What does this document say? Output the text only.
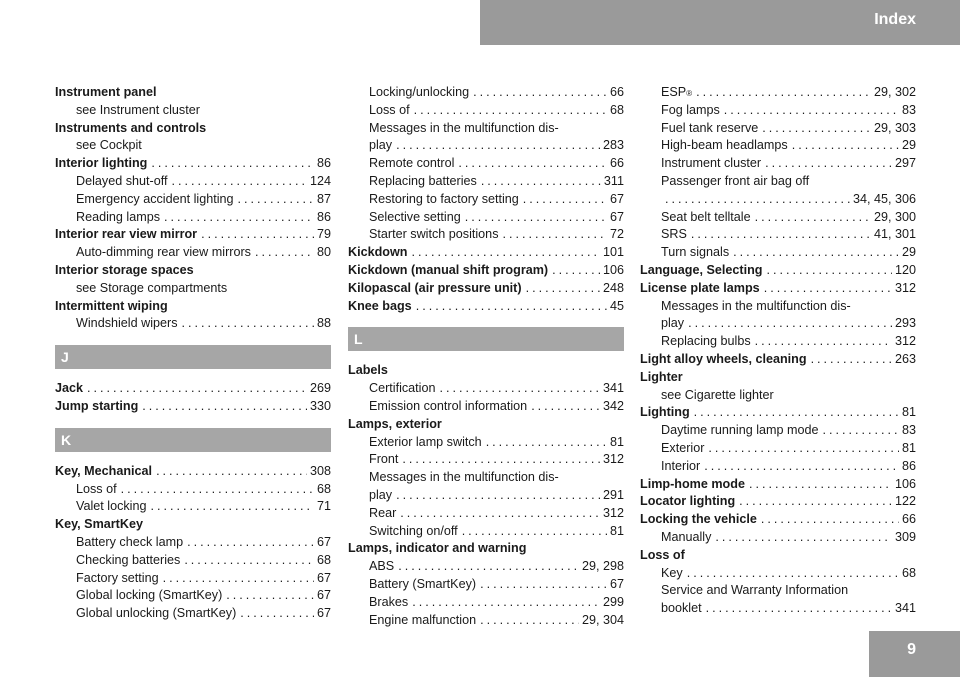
Index
Instrument panel
see Instrument cluster
Instruments and controls
see Cockpit
Interior lighting .....	86
Delayed shut-off .....	124
Emergency accident lighting .....	87
Reading lamps .....	86
Interior rear view mirror .....	79
Auto-dimming rear view mirrors .....	80
Interior storage spaces
see Storage compartments
Intermittent wiping
Windshield wipers .....	88
J
Jack .....	269
Jump starting .....	330
K
Key, Mechanical .....	308
Loss of .....	68
Valet locking .....	71
Key, SmartKey
Battery check lamp .....	67
Checking batteries .....	68
Factory setting .....	67
Global locking (SmartKey) .....	67
Global unlocking (SmartKey) .....	67
Locking/unlocking .....	66
Loss of .....	68
Messages in the multifunction dis-
play .....	283
Remote control .....	66
Replacing batteries .....	311
Restoring to factory setting .....	67
Selective setting .....	67
Starter switch positions .....	72
Kickdown .....	101
Kickdown (manual shift program) .....	106
Kilopascal (air pressure unit) .....	248
Knee bags .....	45
L
Labels
Certification .....	341
Emission control information .....	342
Lamps, exterior
Exterior lamp switch .....	81
Front .....	312
Messages in the multifunction dis-
play .....	291
Rear .....	312
Switching on/off .....	81
Lamps, indicator and warning
ABS .....	29, 298
Battery (SmartKey) .....	67
Brakes .....	299
Engine malfunction .....	29, 304
ESP ® .....	29, 302
Fog lamps .....	83
Fuel tank reserve .....	29, 303
High-beam headlamps .....	29
Instrument cluster .....	297
Passenger front air bag off
.....
34, 45, 306
Seat belt telltale .....	29, 300
SRS .....	41, 301
Turn signals .....	29
Language, Selecting .....	120
License plate lamps .....	312
Messages in the multifunction dis-
play .....	293
Replacing bulbs .....	312
Light alloy wheels, cleaning .....	263
Lighter
see Cigarette lighter
Lighting .....	81
Daytime running lamp mode .....	83
Exterior .....	81
Interior .....	86
Limp-home mode .....	106
Locator lighting .....	122
Locking the vehicle .....	66
Manually .....	309
Loss of
Key .....	68
Service and Warranty Information
booklet .....	341
9
